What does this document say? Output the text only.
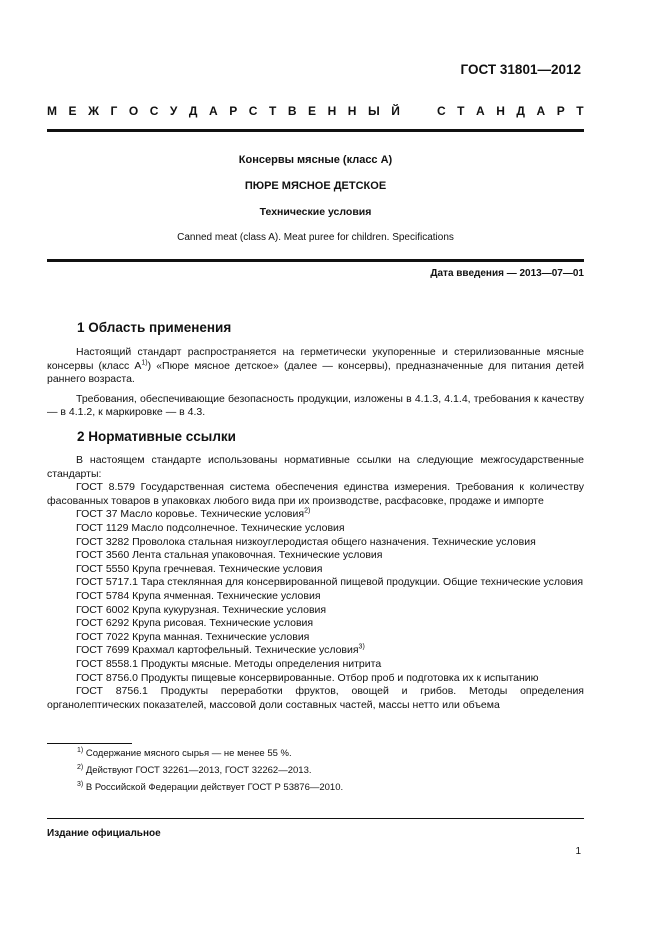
ГОСТ 31801—2012
М Е Ж Г О С У Д А Р С Т В Е Н Н Ы Й	С Т А Н Д А Р Т
Консервы мясные (класс А)
ПЮРЕ МЯСНОЕ ДЕТСКОЕ
Технические условия
Canned meat (class A). Meat puree for children. Specifications
Дата введения — 2013—07—01
1 Область применения

Настоящий стандарт распространяется на герметически укупоренные и стерилизованные мясные консервы (класс $А^{1)}$) «Пюре мясное детское» (далее — консервы), предназначенные для питания детей раннего возраста.

Требования, обеспечивающие безопасность продукции, изложены в 4.1.3, 4.1.4, требования к качеству — в 4.1.2, к маркировке — в 4.3.

2 Нормативные ссылки

В настоящем стандарте использованы нормативные ссылки на следующие межгосударственные стандарты:

ГОСТ 8.579 Государственная система обеспечения единства измерения. Требования к количеству фасованных товаров в упаковках любого вида при их производстве, расфасовке, продаже и импорте

ГОСТ 37 Масло коровье. Технические условия$^{2)}$

ГОСТ 1129 Масло подсолнечное. Технические условия

ГОСТ 3282 Проволока стальная низкоуглеродистая общего назначения. Технические условия

ГОСТ 3560 Лента стальная упаковочная. Технические условия

ГОСТ 5550 Крупа гречневая. Технические условия

ГОСТ 5717.1 Тара стеклянная для консервированной пищевой продукции. Общие технические условия

ГОСТ 5784 Крупа ячменная. Технические условия

ГОСТ 6002 Крупа кукурузная. Технические условия

ГОСТ 6292 Крупа рисовая. Технические условия

ГОСТ 7022 Крупа манная. Технические условия

ГОСТ 7699 Крахмал картофельный. Технические условия$^{3)}$

ГОСТ 8558.1 Продукты мясные. Методы определения нитрита

ГОСТ 8756.0 Продукты пищевые консервированные. Отбор проб и подготовка их к испытанию

ГОСТ 8756.1 Продукты переработки фруктов, овощей и грибов. Методы определения органолептических показателей, массовой доли составных частей, массы нетто или объема

$^{1)}$ Содержание мясного сырья — не менее 55 %.
$^{2)}$ Действуют ГОСТ 32261—2013, ГОСТ 32262—2013.
$^{3)}$ В Российской Федерации действует ГОСТ Р 53876—2010.
Издание официальное
1
